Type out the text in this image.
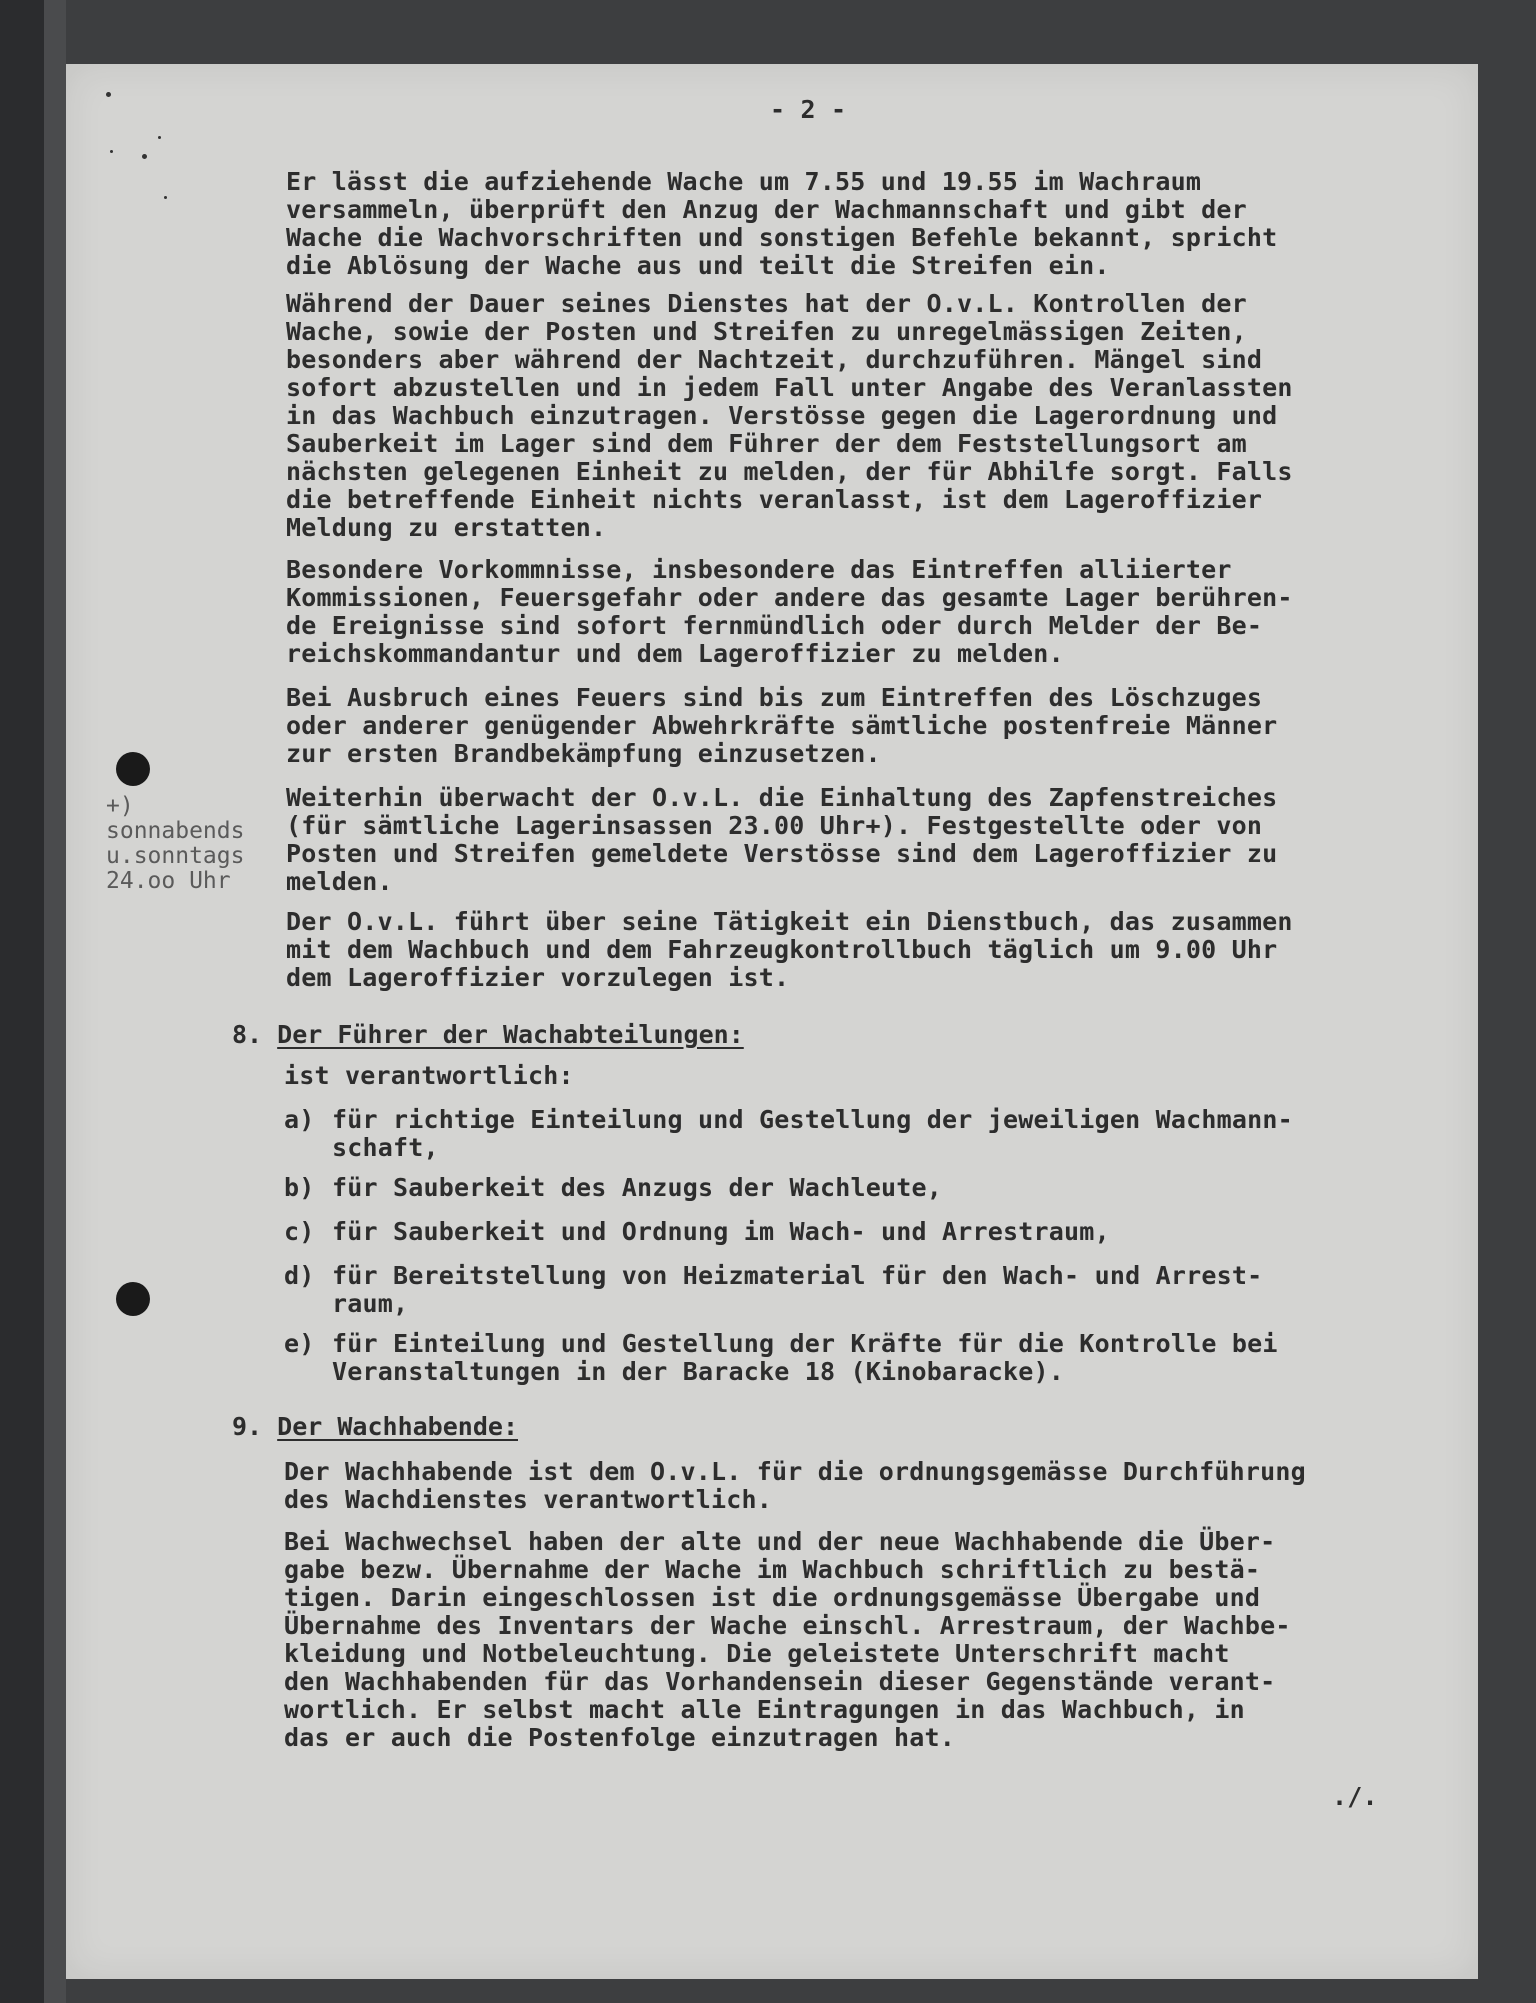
- 2 -
+)
sonnabends
u.sonntags
24.oo Uhr
8. Der Führer der Wachabteilungen:
ist verantwortlich:
a) für richtige Einteilung und Gestellung der jeweiligen Wachmann-
schaft,
b) für Sauberkeit des Anzugs der Wachleute,
c) für Sauberkeit und Ordnung im Wach- und Arrestraum,
d) für Bereitstellung von Heizmaterial für den Wach- und Arrest-
raum,
e) für Einteilung und Gestellung der Kräfte für die Kontrolle bei
Veranstaltungen in der Baracke 18 (Kinobaracke).
9. Der Wachhabende:
Der Wachhabende ist dem O.v.L. für die ordnungsgemässe Durchführung
des Wachdienstes verantwortlich.
Bei Wachwechsel haben der alte und der neue Wachhabende die Über-
gabe bezw. Übernahme der Wache im Wachbuch schriftlich zu bestä-
tigen. Darin eingeschlossen ist die ordnungsgemässe Übergabe und
Übernahme des Inventars der Wache einschl. Arrestraum, der Wachbe-
kleidung und Notbeleuchtung. Die geleistete Unterschrift macht
den Wachhabenden für das Vorhandensein dieser Gegenstände verant-
wortlich. Er selbst macht alle Eintragungen in das Wachbuch, in
das er auch die Postenfolge einzutragen hat.
./.
Er lässt die aufziehende Wache um 7.55 und 19.55 im Wachraum
versammeln, überprüft den Anzug der Wachmannschaft und gibt der
Wache die Wachvorschriften und sonstigen Befehle bekannt, spricht
die Ablösung der Wache aus und teilt die Streifen ein.
Während der Dauer seines Dienstes hat der O.v.L. Kontrollen der
Wache, sowie der Posten und Streifen zu unregelmässigen Zeiten,
besonders aber während der Nachtzeit, durchzuführen. Mängel sind
sofort abzustellen und in jedem Fall unter Angabe des Veranlassten
in das Wachbuch einzutragen. Verstösse gegen die Lagerordnung und
Sauberkeit im Lager sind dem Führer der dem Feststellungsort am
nächsten gelegenen Einheit zu melden, der für Abhilfe sorgt. Falls
die betreffende Einheit nichts veranlasst, ist dem Lageroffizier
Meldung zu erstatten.
Besondere Vorkommnisse, insbesondere das Eintreffen alliierter
Kommissionen, Feuersgefahr oder andere das gesamte Lager berühren-
de Ereignisse sind sofort fernmündlich oder durch Melder der Be-
reichskommandantur und dem Lageroffizier zu melden.
Bei Ausbruch eines Feuers sind bis zum Eintreffen des Löschzuges
oder anderer genügender Abwehrkräfte sämtliche postenfreie Männer
zur ersten Brandbekämpfung einzusetzen.
Weiterhin überwacht der O.v.L. die Einhaltung des Zapfenstreiches
(für sämtliche Lagerinsassen 23.00 Uhr+). Festgestellte oder von
Posten und Streifen gemeldete Verstösse sind dem Lageroffizier zu
melden.
Der O.v.L. führt über seine Tätigkeit ein Dienstbuch, das zusammen
mit dem Wachbuch und dem Fahrzeugkontrollbuch täglich um 9.00 Uhr
dem Lageroffizier vorzulegen ist.
